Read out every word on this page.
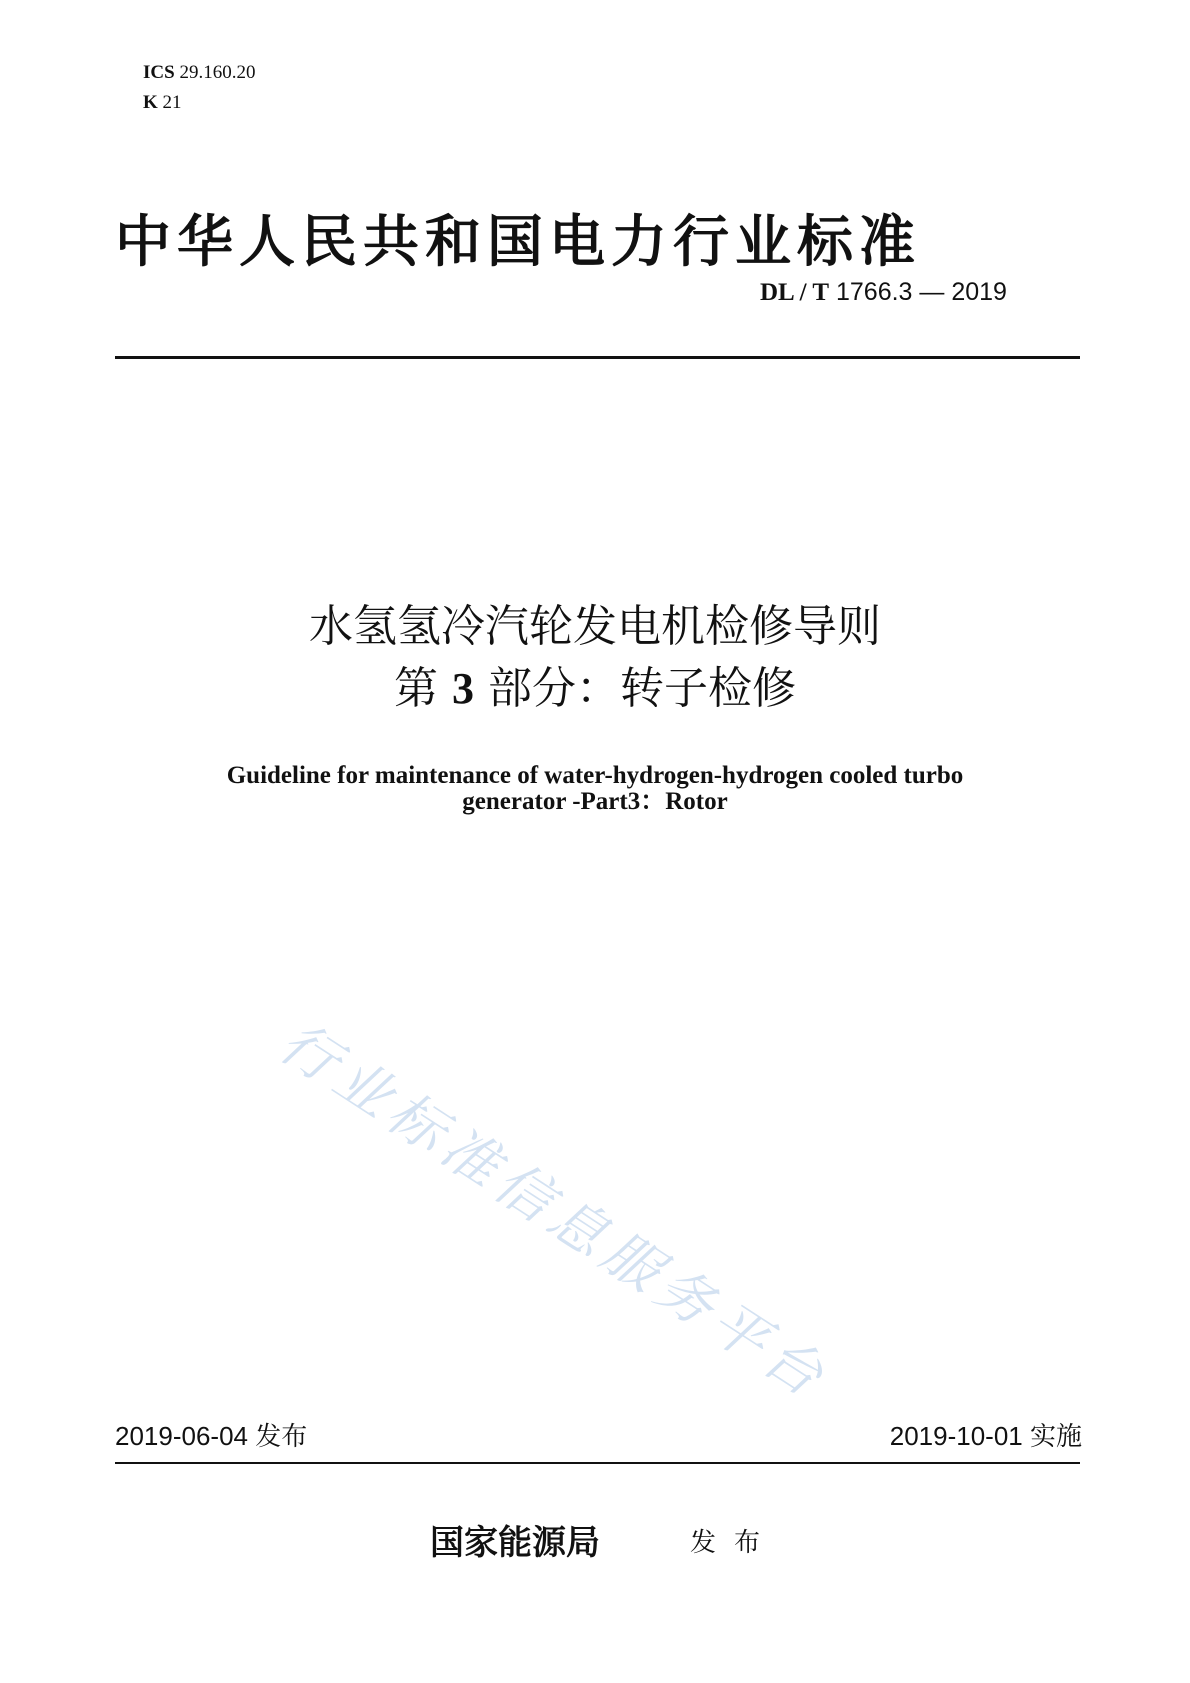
ICS 29.160.20
K 21
中华人民共和国电力行业标准
DL / T 1766.3 — 2019
水氢氢冷汽轮发电机检修导则
第 3 部分：转子检修
Guideline for maintenance of water-hydrogen-hydrogen cooled turbo
generator -Part3：Rotor
行业标准信息服务平台
2019-06-04 发布	2019-10-01 实施
国家能源局	发布
